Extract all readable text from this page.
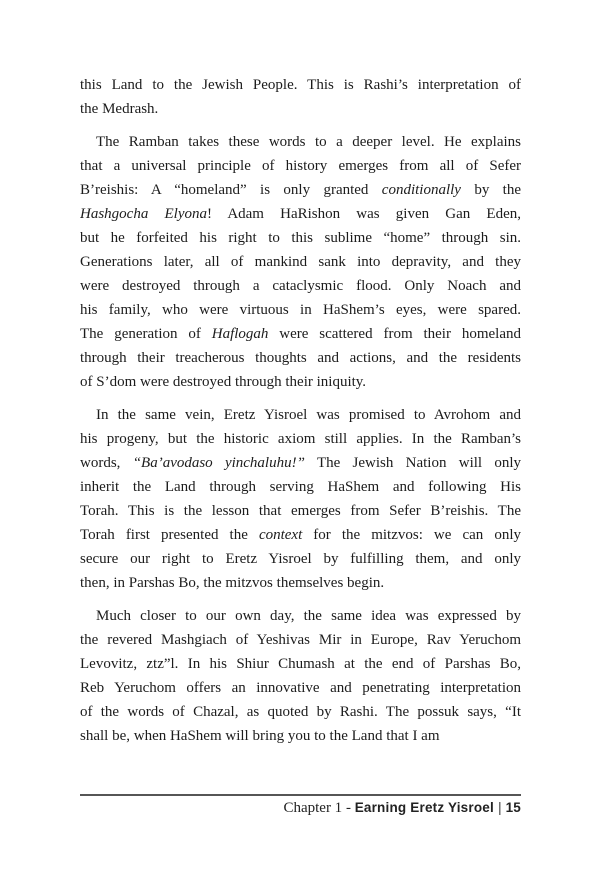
this Land to the Jewish People. This is Rashi’s interpretation of
the Medrash.
The Ramban takes these words to a deeper level. He explains
that a universal principle of history emerges from all of Sefer
B’reishis: A “homeland” is only granted conditionally by the
Hashgocha Elyona! Adam HaRishon was given Gan Eden,
but he forfeited his right to this sublime “home” through sin.
Generations later, all of mankind sank into depravity, and they
were destroyed through a cataclysmic flood. Only Noach and
his family, who were virtuous in HaShem’s eyes, were spared.
The generation of Haflogah were scattered from their homeland
through their treacherous thoughts and actions, and the residents
of S’dom were destroyed through their iniquity.
In the same vein, Eretz Yisroel was promised to Avrohom and
his progeny, but the historic axiom still applies. In the Ramban’s
words, “Ba’avodaso yinchaluhu!” The Jewish Nation will only
inherit the Land through serving HaShem and following His
Torah. This is the lesson that emerges from Sefer B’reishis. The
Torah first presented the context for the mitzvos: we can only
secure our right to Eretz Yisroel by fulfilling them, and only
then, in Parshas Bo, the mitzvos themselves begin.
Much closer to our own day, the same idea was expressed by
the revered Mashgiach of Yeshivas Mir in Europe, Rav Yeruchom
Levovitz, ztz”l. In his Shiur Chumash at the end of Parshas Bo,
Reb Yeruchom offers an innovative and penetrating interpretation
of the words of Chazal, as quoted by Rashi. The possuk says, “It
shall be, when HaShem will bring you to the Land that I am
Chapter 1 - Earning Eretz Yisroel | 15
